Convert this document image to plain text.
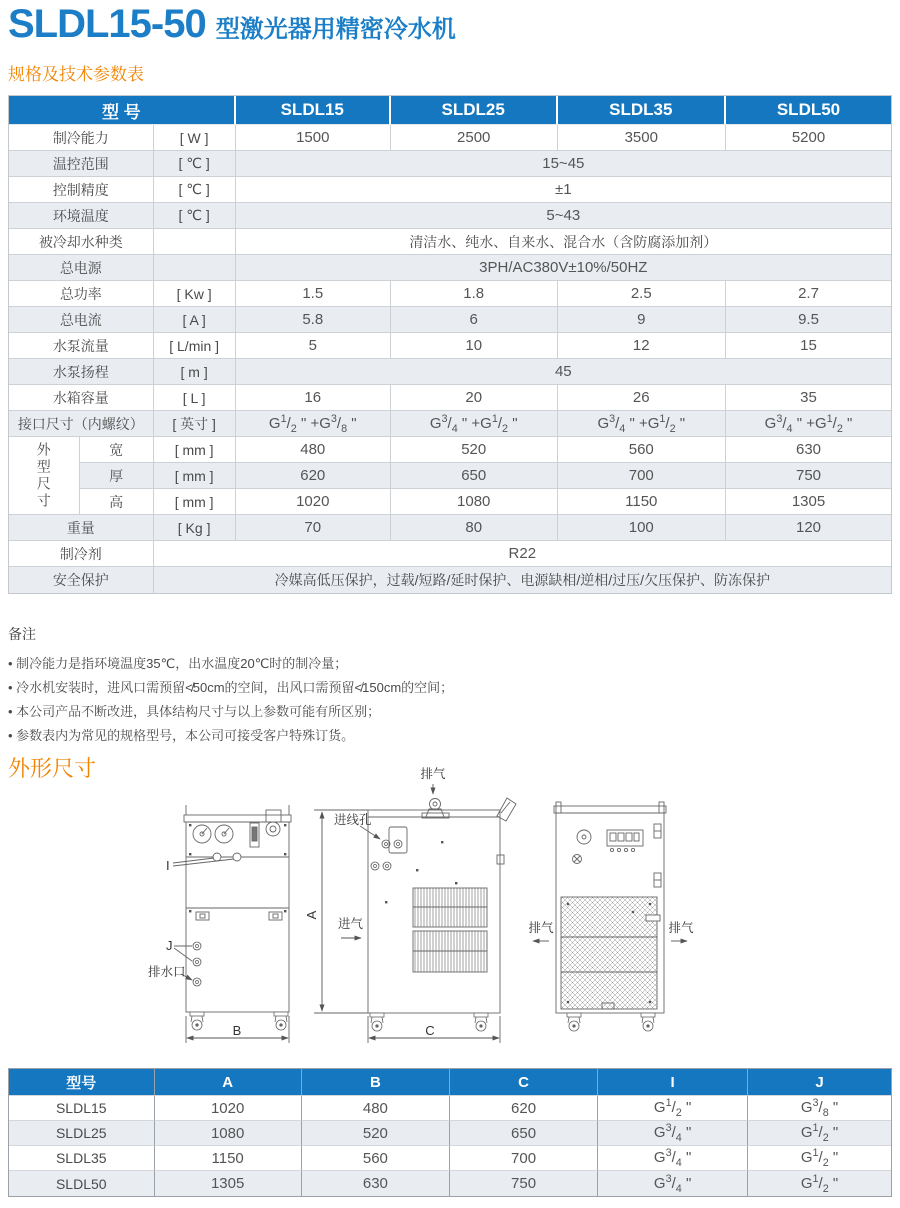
SLDL15-50 型激光器用精密冷水机
规格及技术参数表
型 号			SLDL15	SLDL25	SLDL35	SLDL50
制冷能力		[ W ]	1500	2500	3500	5200
温控范围		[ ℃ ]	15~45			
控制精度		[ ℃ ]	±1			
环境温度		[ ℃ ]	5~43			
被冷却水种类			清洁水、纯水、自来水、混合水（含防腐添加剂）			
总电源			3PH/AC380V±10%/50HZ			
总功率		[ Kw ]	1.5	1.8	2.5	2.7
总电流		[ A ]	5.8	6	9	9.5
水泵流量		[ L/min ]	5	10	12	15
水泵扬程		[ m ]	45			
水箱容量		[ L ]	16	20	26	35
接口尺寸（内螺纹）		[ 英寸 ]	$G^1/_2$ " $+G^3/_8$ "	$G^3/_4$ " $+G^1/_2$ "	$G^3/_4$ " $+G^1/_2$ "	$G^3/_4$ " $+G^1/_2$ "
外型尺寸	宽	[ mm ]	480	520	560	630
	厚	[ mm ]	620	650	700	750
	高	[ mm ]	1020	1080	1150	1305
重量		[ Kg ]	70	80	100	120
制冷剂		R22				
安全保护		冷媒高低压保护，过载/短路/延时保护、电源缺相/逆相/过压/欠压保护、防冻保护				
备注
• 制冷能力是指环境温度35℃，出水温度20℃时的制冷量；
• 冷水机安装时，进风口需预留≮50cm的空间，出风口需预留≮150cm的空间；
• 本公司产品不断改进，具体结构尺寸与以上参数可能有所区别；
• 参数表内为常见的规格型号，本公司可接受客户特殊订货。
外形尺寸
B
I
J
排水口
A
排气
进线孔
进气
C
排气	排气
型号	A	B	C	I	J
SLDL15	1020	480	620	$G^1/_2$ "	$G^3/_8$ "
SLDL25	1080	520	650	$G^3/_4$ "	$G^1/_2$ "
SLDL35	1150	560	700	$G^3/_4$ "	$G^1/_2$ "
SLDL50	1305	630	750	$G^3/_4$ "	$G^1/_2$ "
